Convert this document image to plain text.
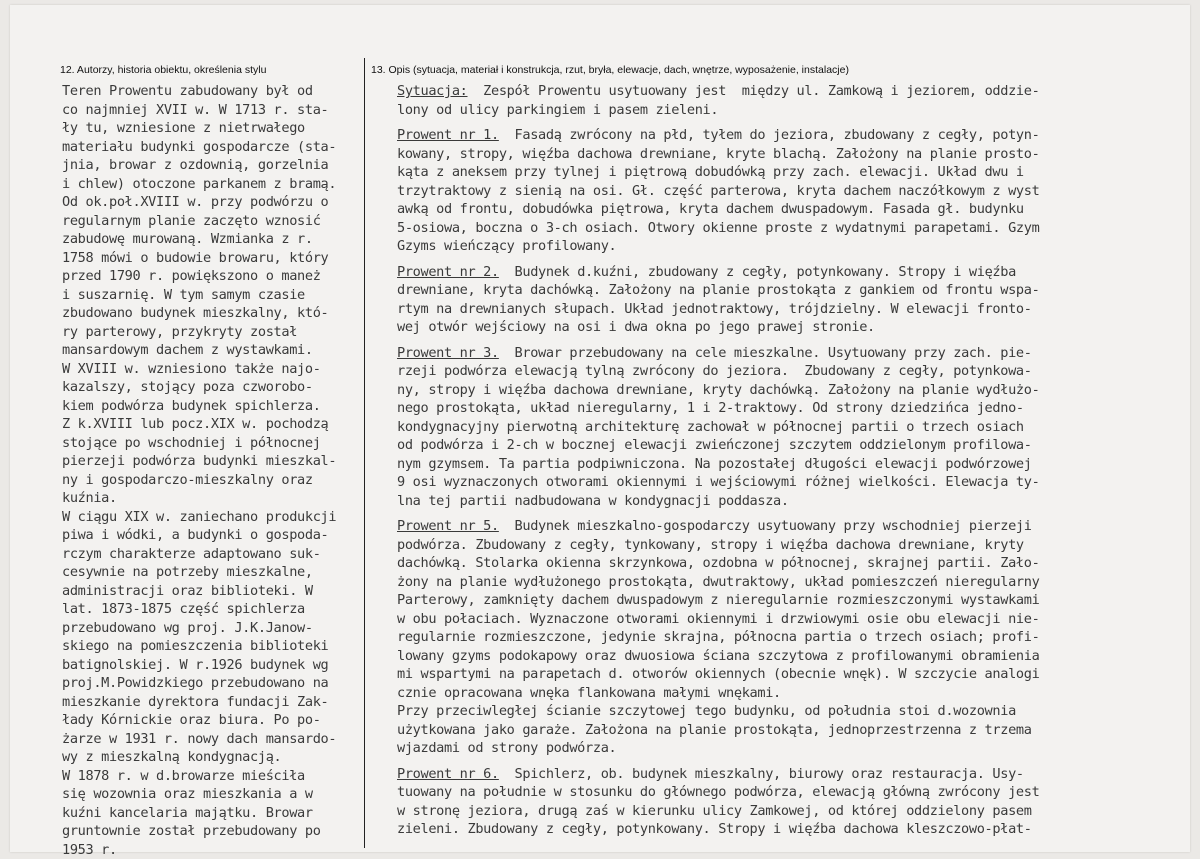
12. Autorzy, historia obiektu, określenia stylu	13. Opis (sytuacja, materiał i konstrukcja, rzut, bryła, elewacje, dach, wnętrze, wyposażenie, instalacje)
Teren Prowentu zabudowany był od
co najmniej XVII w. W 1713 r. sta-
ły tu, wzniesione z nietrwałego
materiału budynki gospodarcze (sta-
jnia, browar z ozdownią, gorzelnia
i chlew) otoczone parkanem z bramą.
Od ok.poł.XVIII w. przy podwórzu o
regularnym planie zaczęto wznosić
zabudowę murowaną. Wzmianka z r.
1758 mówi o budowie browaru, który
przed 1790 r. powiększono o manеż
i suszarnię. W tym samym czasie
zbudowano budynek mieszkalny, któ-
ry parterowy, przykryty został
mansardowym dachem z wystawkami.
W XVIII w. wzniesiono także najo-
kazalszy, stojący poza czworobo-
kiem podwórza budynek spichlerza.
Z k.XVIII lub pocz.XIX w. pochodzą
stojące po wschodniej i północnej
pierzeji podwórza budynki mieszkal-
ny i gospodarczo-mieszkalny oraz
kuźnia.
W ciągu XIX w. zaniechano produkcji
piwa i wódki, a budynki o gospoda-
rczym charakterze adaptowano suk-
cesywnie na potrzeby mieszkalne,
administracji oraz biblioteki. W
lat. 1873-1875 część spichlerza
przebudowano wg proj. J.K.Janow-
skiego na pomieszczenia biblioteki
batignolskiej. W r.1926 budynek wg
proj.M.Powidzkiego przebudowano na
mieszkanie dyrektora fundacji Zak-
łady Kórnickie oraz biura. Po po-
żarze w 1931 r. nowy dach mansardo-
wy z mieszkalną kondygnacją.
W 1878 r. w d.browarze mieściła
się wozownia oraz mieszkania a w
kuźni kancelaria majątku. Browar
gruntownie został przebudowany po
1953 r.
Sytuacja:  Zespół Prowentu usytuowany jest  między ul. Zamkową i jeziorem, oddzie-
lony od ulicy parkingiem i pasem zieleni.
Prowent nr 1.  Fasadą zwrócony na płd, tyłem do jeziora, zbudowany z cegły, potyn-
kowany, stropy, więźba dachowa drewniane, kryte blachą. Założony na planie prosto-
kąta z aneksem przy tylnej i piętrową dobudówką przy zach. elewacji. Układ dwu i
trzytraktowy z sienią na osi. Gł. część parterowa, kryta dachem naczółkowym z wyst
awką od frontu, dobudówka piętrowa, kryta dachem dwuspadowym. Fasada gł. budynku
5-osiowa, boczna o 3-ch osiach. Otwory okienne proste z wydatnymi parapetami. Gzym
Gzyms wieńczący profilowany.
Prowent nr 2.  Budynek d.kuźni, zbudowany z cegły, potynkowany. Stropy i więźba
drewniane, kryta dachówką. Założony na planie prostokąta z gankiem od frontu wspa-
rtym na drewnianych słupach. Układ jednotraktowy, trójdzielny. W elewacji fronto-
wej otwór wejściowy na osi i dwa okna po jego prawej stronie.
Prowent nr 3.  Browar przebudowany na cele mieszkalne. Usytuowany przy zach. pie-
rzeji podwórza elewacją tylną zwrócony do jeziora.  Zbudowany z cegły, potynkowa-
ny, stropy i więźba dachowa drewniane, kryty dachówką. Założony na planie wydłużo-
nego prostokąta, układ nieregularny, 1 i 2-traktowy. Od strony dziedzińca jedno-
kondygnacyjny pierwotną architekturę zachował w północnej partii o trzech osiach
od podwórza i 2-ch w bocznej elewacji zwieńczonej szczytem oddzielonym profilowa-
nym gzymsem. Ta partia podpiwniczona. Na pozostałej długości elewacji podwórzowej
9 osi wyznaczonych otworami okiennymi i wejściowymi różnej wielkości. Elewacja ty-
lna tej partii nadbudowana w kondygnacji poddasza.
Prowent nr 5.  Budynek mieszkalno-gospodarczy usytuowany przy wschodniej pierzeji
podwórza. Zbudowany z cegły, tynkowany, stropy i więźba dachowa drewniane, kryty
dachówką. Stolarka okienna skrzynkowa, ozdobna w północnej, skrajnej partii. Zało-
żony na planie wydłużonego prostokąta, dwutraktowy, układ pomieszczeń nieregularny
Parterowy, zamknięty dachem dwuspadowym z nieregularnie rozmieszczonymi wystawkami
w obu połaciach. Wyznaczone otworami okiennymi i drzwiowymi osie obu elewacji nie-
regularnie rozmieszczone, jedynie skrajna, północna partia o trzech osiach; profi-
lowany gzyms podokapowy oraz dwuosiowa ściana szczytowa z profilowanymi obramienia
mi wspartymi na parapetach d. otworów okiennych (obecnie wnęk). W szczycie analogi
cznie opracowana wnęka flankowana małymi wnękami.
Przy przeciwległej ścianie szczytowej tego budynku, od południa stoi d.wozownia
użytkowana jako garaże. Założona na planie prostokąta, jednoprzestrzenna z trzema
wjazdami od strony podwórza.
Prowent nr 6.  Spichlerz, ob. budynek mieszkalny, biurowy oraz restauracja. Usy-
tuowany na południe w stosunku do głównego podwórza, elewacją główną zwrócony jest
w stronę jeziora, drugą zaś w kierunku ulicy Zamkowej, od której oddzielony pasem
zieleni. Zbudowany z cegły, potynkowany. Stropy i więźba dachowa kleszczowo-płat-
